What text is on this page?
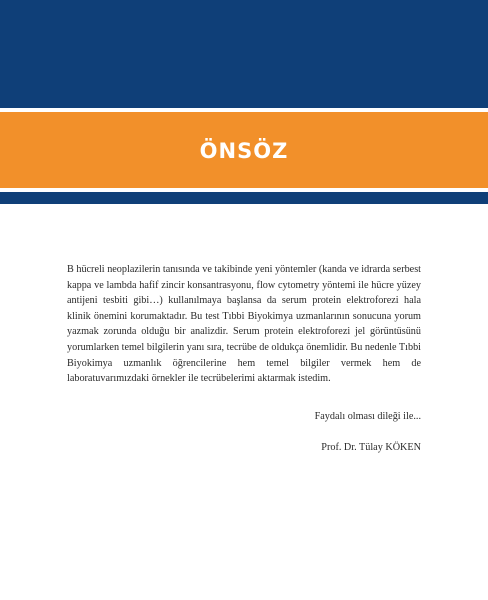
ÖNSÖZ

B hücreli neoplazilerin tanısında ve takibinde yeni yöntemler (kanda ve idrarda serbest kappa ve lambda hafif zincir konsantrasyonu, flow cytometry yöntemi ile hücre yüzey antijeni tesbiti gibi…) kullanılmaya başlansa da serum protein elektroforezi hala klinik önemini korumaktadır. Bu test Tıbbi Biyokimya uzmanlarının sonucuna yorum yazmak zorunda olduğu bir analizdir. Serum protein elektroforezi jel görüntüsünü yorumlarken temel bilgilerin yanı sıra, tecrübe de oldukça önemlidir. Bu nedenle Tıbbi Biyokimya uzmanlık öğrencilerine hem temel bilgiler vermek hem de laboratuvarımızdaki örnekler ile tecrübelerimi aktarmak istedim.

Faydalı olması dileği ile...

Prof. Dr. Tülay KÖKEN
